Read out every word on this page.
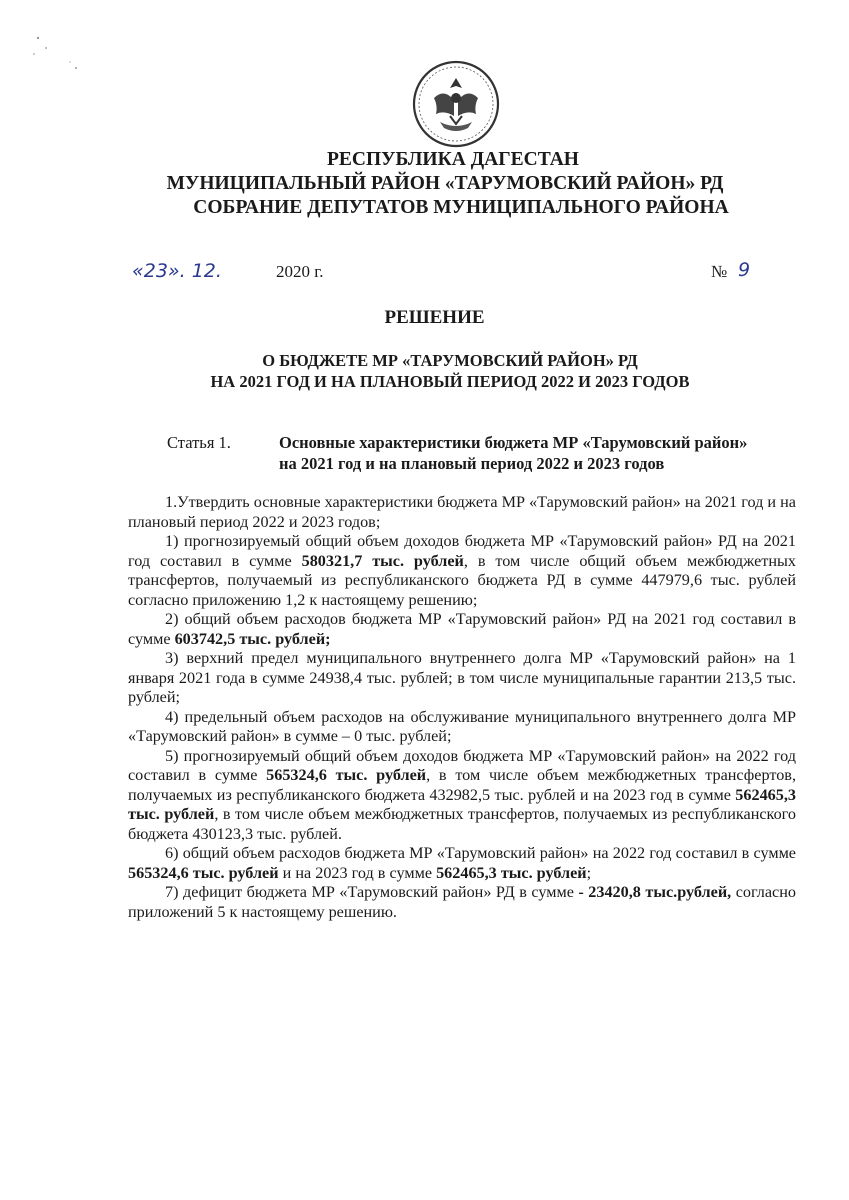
РЕСПУБЛИКА ДАГЕСТАН
МУНИЦИПАЛЬНЫЙ РАЙОН «ТАРУМОВСКИЙ РАЙОН» РД
СОБРАНИЕ ДЕПУТАТОВ МУНИЦИПАЛЬНОГО РАЙОНА
«23». 12.	2020 г.	№ 9
РЕШЕНИЕ
О БЮДЖЕТЕ МР «ТАРУМОВСКИЙ РАЙОН» РД
НА 2021 ГОД И НА ПЛАНОВЫЙ ПЕРИОД 2022 И 2023 ГОДОВ
Статья 1.	Основные характеристики бюджета МР «Тарумовский район»
на 2021 год и на плановый период 2022 и 2023 годов

1.Утвердить основные характеристики бюджета МР «Тарумовский район» на 2021 год и на плановый период 2022 и 2023 годов;

1) прогнозируемый общий объем доходов бюджета МР «Тарумовский район» РД на 2021 год составил в сумме 580321,7 тыс. рублей, в том числе общий объем межбюджетных трансфертов, получаемый из республиканского бюджета РД в сумме 447979,6 тыс. рублей согласно приложению 1,2 к настоящему решению;

2) общий объем расходов бюджета МР «Тарумовский район» РД на 2021 год составил в сумме 603742,5 тыс. рублей;

3) верхний предел муниципального внутреннего долга МР «Тарумовский район» на 1 января 2021 года в сумме 24938,4 тыс. рублей; в том числе муниципальные гарантии 213,5 тыс. рублей;

4) предельный объем расходов на обслуживание муниципального внутреннего долга МР «Тарумовский район» в сумме – 0 тыс. рублей;

5) прогнозируемый общий объем доходов бюджета МР «Тарумовский район» на 2022 год составил в сумме 565324,6 тыс. рублей, в том числе объем межбюджетных трансфертов, получаемых из республиканского бюджета 432982,5 тыс. рублей и на 2023 год в сумме 562465,3 тыс. рублей, в том числе объем межбюджетных трансфертов, получаемых из республиканского бюджета 430123,3 тыс. рублей.

6) общий объем расходов бюджета МР «Тарумовский район» на 2022 год составил в сумме 565324,6 тыс. рублей и на 2023 год в сумме 562465,3 тыс. рублей;

7) дефицит бюджета МР «Тарумовский район» РД в сумме - 23420,8 тыс.рублей, согласно приложений 5 к настоящему решению.
